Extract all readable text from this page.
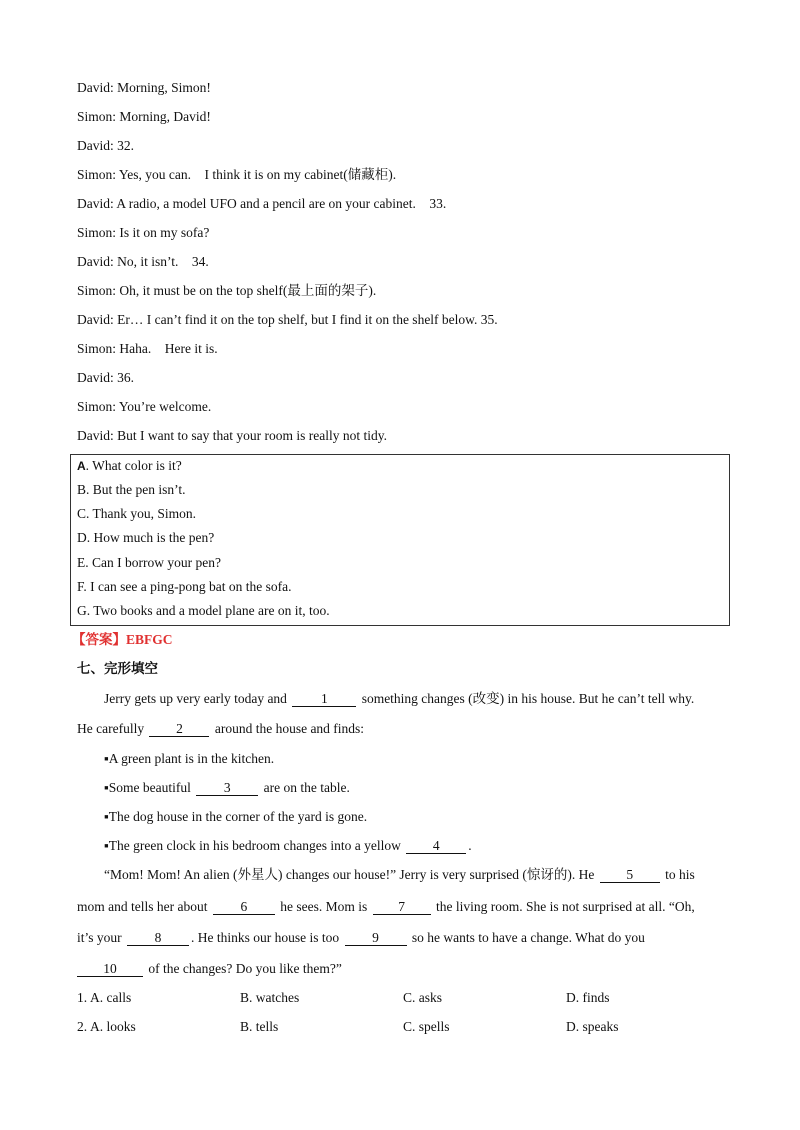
David: Morning, Simon!
Simon: Morning, David!
David: 32.
Simon: Yes, you can.　I think it is on my cabinet(储藏柜).
David: A radio, a model UFO and a pencil are on your cabinet.　33.
Simon: Is it on my sofa?
David: No, it isn’t.　34.
Simon: Oh, it must be on the top shelf(最上面的架子).
David: Er… I can’t find it on the top shelf, but I find it on the shelf below. 35.
Simon: Haha.　Here it is.
David: 36.
Simon: You’re welcome.
David: But I want to say that your room is really not tidy.
A. What color is it?
B. But the pen isn’t.
C. Thank you, Simon.
D. How much is the pen?
E. Can I borrow your pen?
F. I can see a ping-pong bat on the sofa.
G. Two books and a model plane are on it, too.
【答案】EBFGC
七、完形填空
Jerry gets up very early today and	1	something changes (改变) in his house. But he can’t tell why.
He carefully 2 around the house and finds:
▪A green plant is in the kitchen.
▪Some beautiful 3 are on the table.
▪The dog house in the corner of the yard is gone.
▪The green clock in his bedroom changes into a yellow 4 .
“Mom! Mom! An alien (外星人) changes our house!” Jerry is very surprised (惊讶的). He 5 to his
mom and tells her about 6 he sees. Mom is 7 the living room. She is not surprised at all. “Oh,
it’s your 8 . He thinks our house is too 9 so he wants to have a change. What do you
10 of the changes? Do you like them?”
1. A. calls	B. watches	C. asks	D. finds
2. A. looks	B. tells	C. spells	D. speaks
